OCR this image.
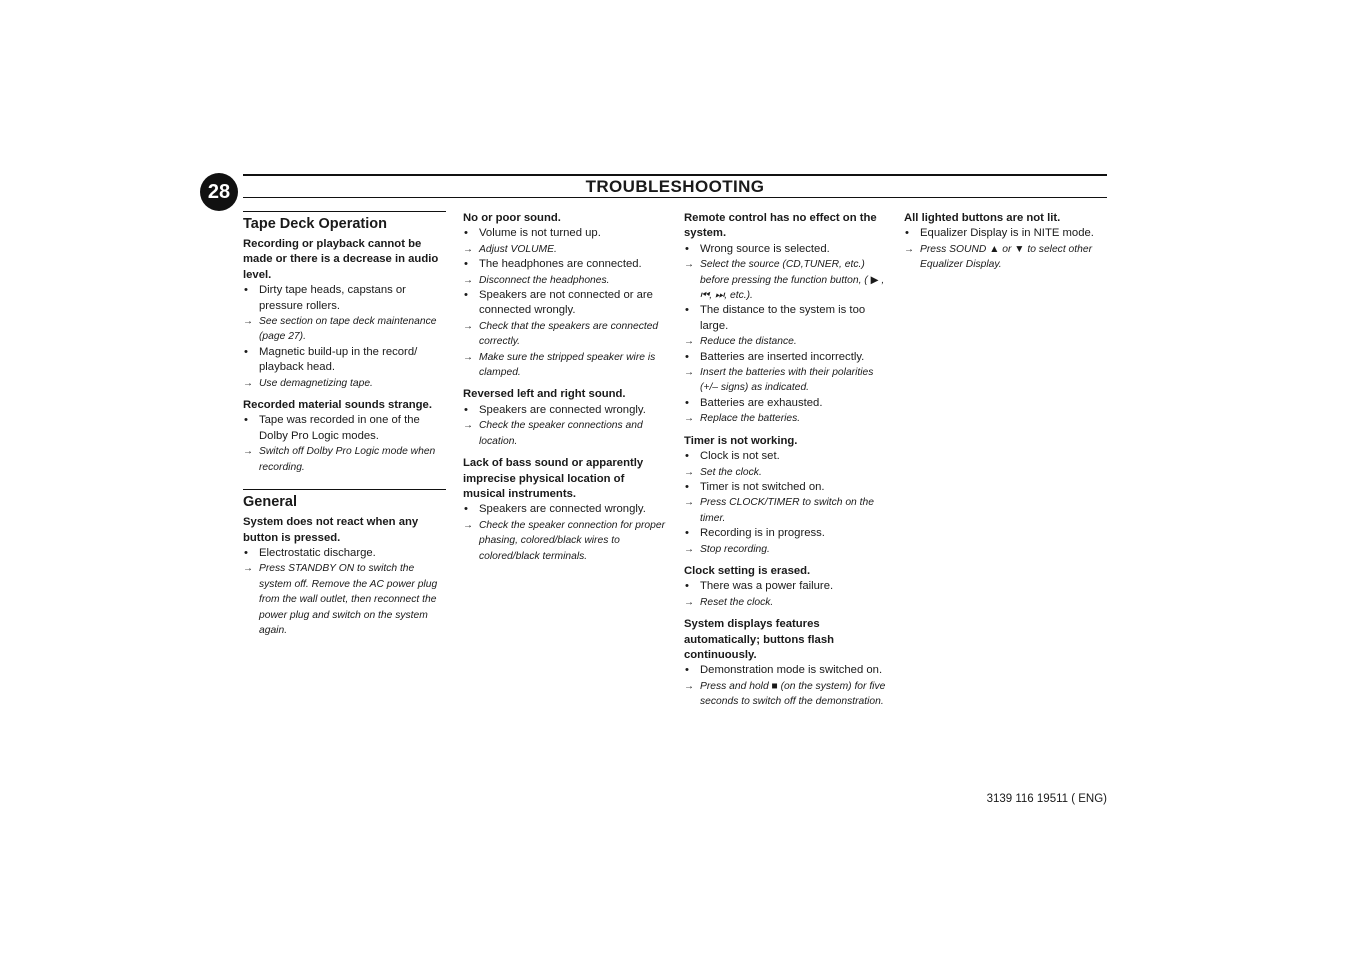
28	TROUBLESHOOTING
Tape Deck Operation
Recording or playback cannot be made or there is a decrease in audio level.
• Dirty tape heads, capstans or pressure rollers.
→ See section on tape deck maintenance (page 27).
• Magnetic build-up in the record/ playback head.
→ Use demagnetizing tape.
Recorded material sounds strange.
• Tape was recorded in one of the Dolby Pro Logic modes.
→ Switch off Dolby Pro Logic mode when recording.
General
System does not react when any button is pressed.
• Electrostatic discharge.
→ Press STANDBY ON to switch the system off. Remove the AC power plug from the wall outlet, then reconnect the power plug and switch on the system again.
No or poor sound.
• Volume is not turned up.
→ Adjust VOLUME.
• The headphones are connected.
→ Disconnect the headphones.
• Speakers are not connected or are connected wrongly.
→ Check that the speakers are connected correctly.
→ Make sure the stripped speaker wire is clamped.
Reversed left and right sound.
• Speakers are connected wrongly.
→ Check the speaker connections and location.
Lack of bass sound or apparently imprecise physical location of musical instruments.
• Speakers are connected wrongly.
→ Check the speaker connection for proper phasing, colored/black wires to colored/black terminals.
Remote control has no effect on the system.
• Wrong source is selected.
→ Select the source (CD,TUNER, etc.) before pressing the function button, ( ▶ , ⏮, ⏭, etc.).
• The distance to the system is too large.
→ Reduce the distance.
• Batteries are inserted incorrectly.
→ Insert the batteries with their polarities (+/– signs) as indicated.
• Batteries are exhausted.
→ Replace the batteries.
Timer is not working.
• Clock is not set.
→ Set the clock.
• Timer is not switched on.
→ Press CLOCK/TIMER to switch on the timer.
• Recording is in progress.
→ Stop recording.
Clock setting is erased.
• There was a power failure.
→ Reset the clock.
System displays features automatically; buttons flash continuously.
• Demonstration mode is switched on.
→ Press and hold ■ (on the system) for five seconds to switch off the demonstration.
All lighted buttons are not lit.
• Equalizer Display is in NITE mode.
→ Press SOUND ▲ or ▼ to select other Equalizer Display.
3139 116 19511 ( ENG)
